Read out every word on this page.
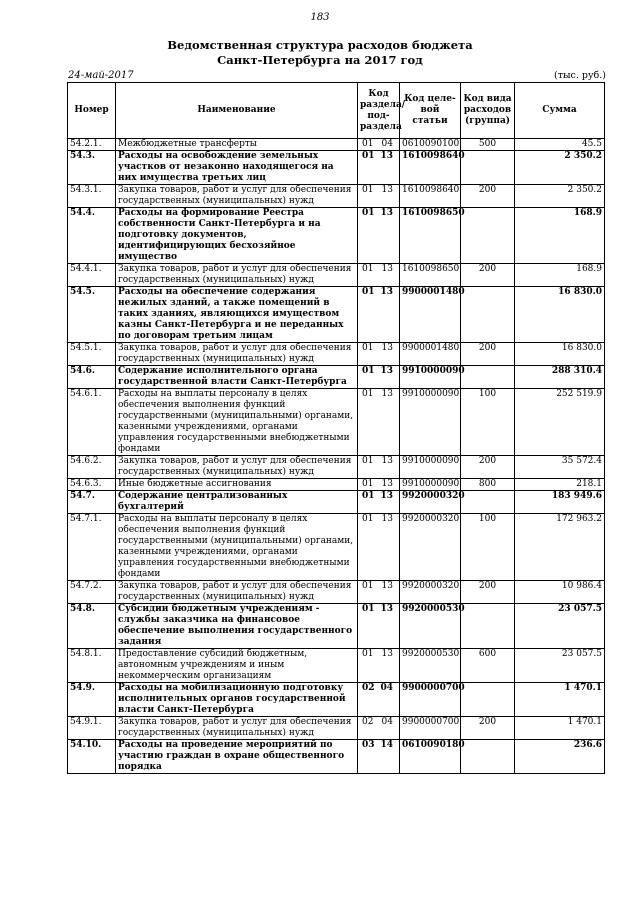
183
Ведомственная структура расходов бюджета
Санкт-Петербурга на 2017 год
24-май-2017	(тыс. руб.)
Номер	Наименование	Код раздела/ под- раздела	Код целе- вой статьи	Код вида расходов (группа)	Сумма
54.2.1.	Межбюджетные трансферты	01 04	0610090100	500	45.5
54.3.	Расходы на освобождение земельных участков от незаконно находящегося на них имущества третьих лиц	01 13	1610098640		2 350.2
54.3.1.	Закупка товаров, работ и услуг для обеспечения государственных (муниципальных) нужд	01 13	1610098640	200	2 350.2
54.4.	Расходы на формирование Реестра собственности Санкт-Петербурга и на подготовку документов, идентифицирующих бесхозяйное имущество	01 13	1610098650		168.9
54.4.1.	Закупка товаров, работ и услуг для обеспечения государственных (муниципальных) нужд	01 13	1610098650	200	168.9
54.5.	Расходы на обеспечение содержания нежилых зданий, а также помещений в таких зданиях, являющихся имуществом казны Санкт-Петербурга и не переданных по договорам третьим лицам	01 13	9900001480		16 830.0
54.5.1.	Закупка товаров, работ и услуг для обеспечения государственных (муниципальных) нужд	01 13	9900001480	200	16 830.0
54.6.	Содержание исполнительного органа государственной власти Санкт-Петербурга	01 13	9910000090		288 310.4
54.6.1.	Расходы на выплаты персоналу в целях обеспечения выполнения функций государственными (муниципальными) органами, казенными учреждениями, органами управления государственными внебюджетными фондами	01 13	9910000090	100	252 519.9
54.6.2.	Закупка товаров, работ и услуг для обеспечения государственных (муниципальных) нужд	01 13	9910000090	200	35 572.4
54.6.3.	Иные бюджетные ассигнования	01 13	9910000090	800	218.1
54.7.	Содержание централизованных бухгалтерий	01 13	9920000320		183 949.6
54.7.1.	Расходы на выплаты персоналу в целях обеспечения выполнения функций государственными (муниципальными) органами, казенными учреждениями, органами управления государственными внебюджетными фондами	01 13	9920000320	100	172 963.2
54.7.2.	Закупка товаров, работ и услуг для обеспечения государственных (муниципальных) нужд	01 13	9920000320	200	10 986.4
54.8.	Субсидии бюджетным учреждениям - службы заказчика на финансовое обеспечение выполнения государственного задания	01 13	9920000530		23 057.5
54.8.1.	Предоставление субсидий бюджетным, автономным учреждениям и иным некоммерческим организациям	01 13	9920000530	600	23 057.5
54.9.	Расходы на мобилизационную подготовку исполнительных органов государственной власти Санкт-Петербурга	02 04	9900000700		1 470.1
54.9.1.	Закупка товаров, работ и услуг для обеспечения государственных (муниципальных) нужд	02 04	9900000700	200	1 470.1
54.10.	Расходы на проведение мероприятий по участию граждан в охране общественного порядка	03 14	0610090180		236.6
